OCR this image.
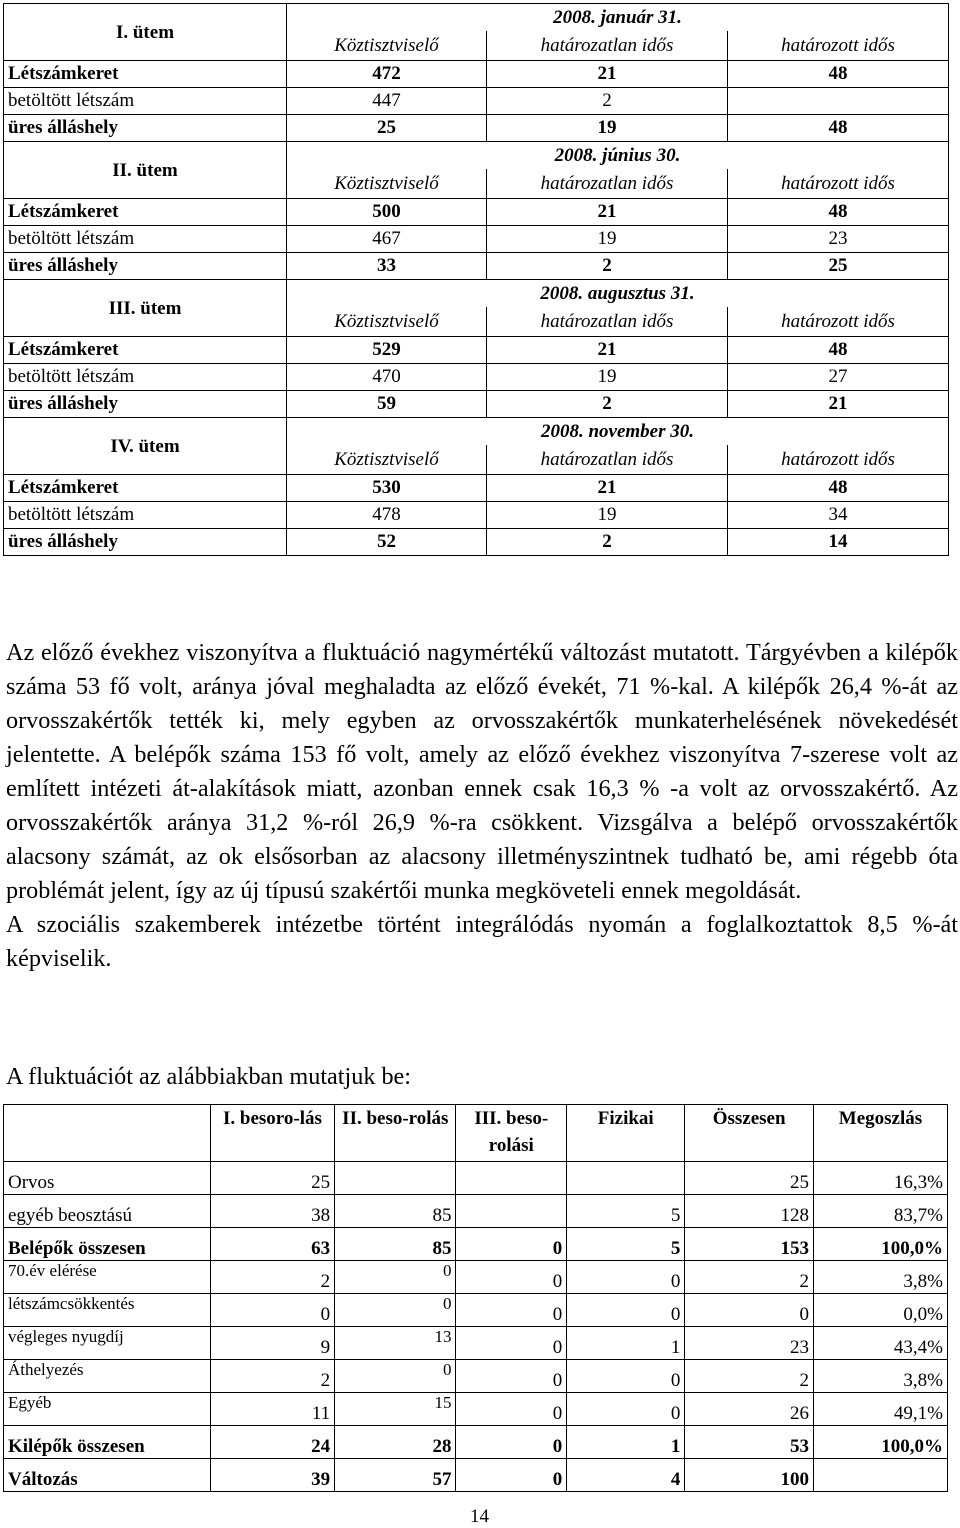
I. ütem	2008. január 31.		
	Köztisztviselő	határozatlan idős	határozott idős
Létszámkeret	472	21	48
betöltött létszám	447	2	
üres álláshely	25	19	48
II. ütem	2008. június 30.		
	Köztisztviselő	határozatlan idős	határozott idős
Létszámkeret	500	21	48
betöltött létszám	467	19	23
üres álláshely	33	2	25
III. ütem	2008. augusztus 31.		
	Köztisztviselő	határozatlan idős	határozott idős
Létszámkeret	529	21	48
betöltött létszám	470	19	27
üres álláshely	59	2	21
IV. ütem	2008. november 30.		
	Köztisztviselő	határozatlan idős	határozott idős
Létszámkeret	530	21	48
betöltött létszám	478	19	34
üres álláshely	52	2	14

Az előző évekhez viszonyítva a fluktuáció nagymértékű változást mutatott. Tárgyévben a kilépők száma 53 fő volt, aránya jóval meghaladta az előző évekét, 71 %-kal. A kilépők 26,4 %-át az orvosszakértők tették ki, mely egyben az orvosszakértők munkaterhelésének növekedését jelentette. A belépők száma 153 fő volt, amely az előző évekhez viszonyítva 7-szerese volt az említett intézeti át-alakítások miatt, azonban ennek csak 16,3 % -a volt az orvosszakértő. Az orvosszakértők aránya 31,2 %-ról 26,9 %-ra csökkent. Vizsgálva a belépő orvosszakértők alacsony számát, az ok elsősorban az alacsony illetményszintnek tudható be, ami régebb óta problémát jelent, így az új típusú szakértői munka megköveteli ennek megoldását.

A szociális szakemberek intézetbe történt integrálódás nyomán a foglalkoztattok 8,5 %-át képviselik.

A fluktuációt az alábbiakban mutatjuk be:

	I. besoro-lás	II. beso-rolás	III. beso-rolási	Fizikai	Összesen	Megoszlás
Orvos	25				25	16,3%
egyéb beosztású	38	85		5	128	83,7%
Belépők összesen	63	85	0	5	153	100,0%
70.év elérése	2	0	0	0	2	3,8%
létszámcsökkentés	0	0	0	0	0	0,0%
végleges nyugdíj	9	13	0	1	23	43,4%
Áthelyezés	2	0	0	0	2	3,8%
Egyéb	11	15	0	0	26	49,1%
Kilépők összesen	24	28	0	1	53	100,0%
Változás	39	57	0	4	100	
14
